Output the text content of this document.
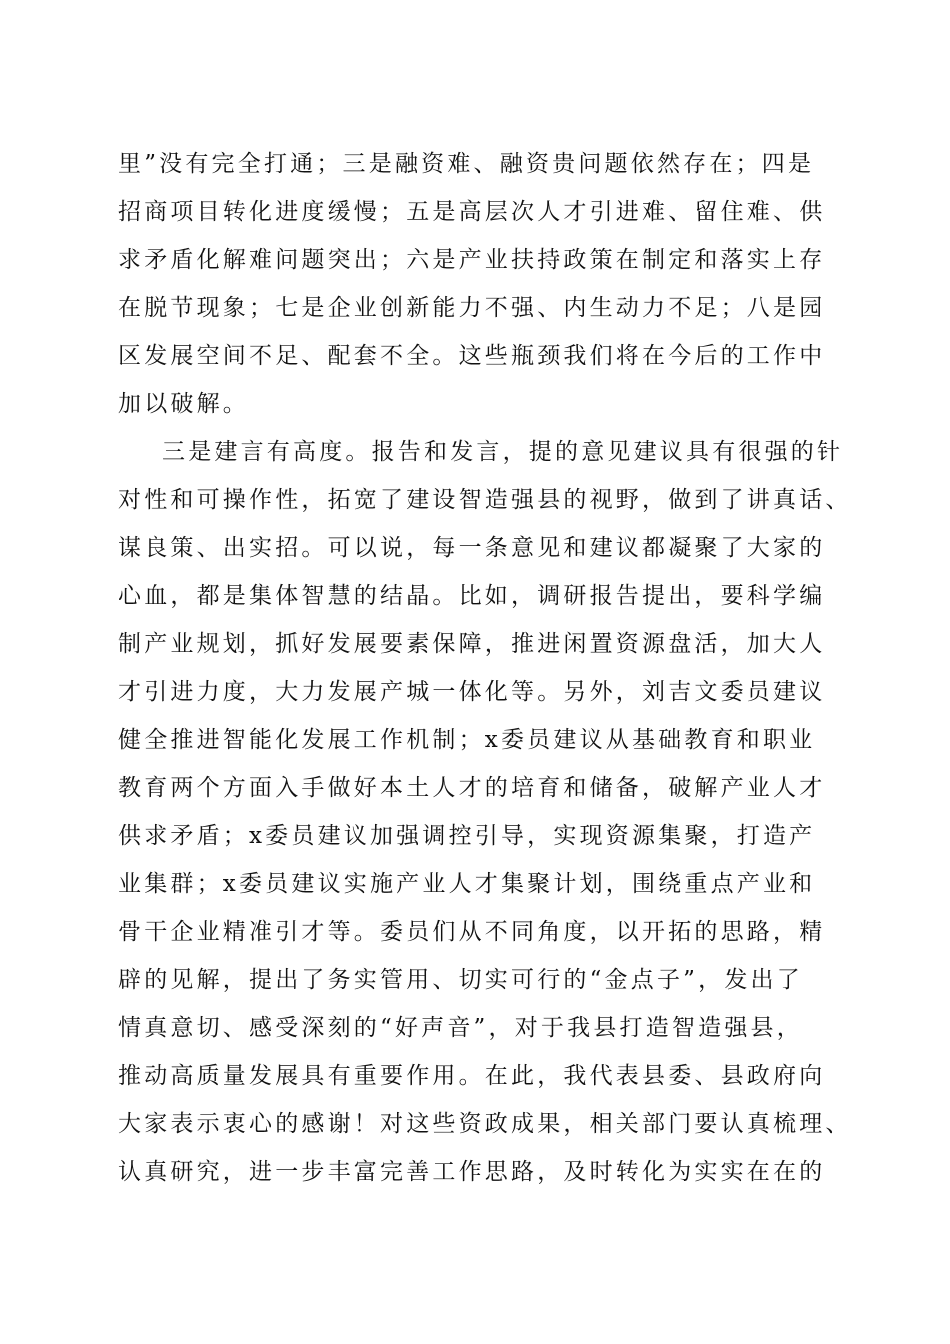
里”没有完全打通；三是融资难、融资贵问题依然存在；四是
招商项目转化进度缓慢；五是高层次人才引进难、留住难、供
求矛盾化解难问题突出；六是产业扶持政策在制定和落实上存
在脱节现象；七是企业创新能力不强、内生动力不足；八是园
区发展空间不足、配套不全。这些瓶颈我们将在今后的工作中
加以破解。
三是建言有高度。报告和发言，提的意见建议具有很强的针
对性和可操作性，拓宽了建设智造强县的视野，做到了讲真话、
谋良策、出实招。可以说，每一条意见和建议都凝聚了大家的
心血，都是集体智慧的结晶。比如，调研报告提出，要科学编
制产业规划，抓好发展要素保障，推进闲置资源盘活，加大人
才引进力度，大力发展产城一体化等。另外，刘吉文委员建议
健全推进智能化发展工作机制；x委员建议从基础教育和职业
教育两个方面入手做好本土人才的培育和储备，破解产业人才
供求矛盾；x委员建议加强调控引导，实现资源集聚，打造产
业集群；x委员建议实施产业人才集聚计划，围绕重点产业和
骨干企业精准引才等。委员们从不同角度，以开拓的思路，精
辟的见解，提出了务实管用、切实可行的“金点子”，发出了
情真意切、感受深刻的“好声音”，对于我县打造智造强县，
推动高质量发展具有重要作用。在此，我代表县委、县政府向
大家表示衷心的感谢！对这些资政成果，相关部门要认真梳理、
认真研究，进一步丰富完善工作思路，及时转化为实实在在的
